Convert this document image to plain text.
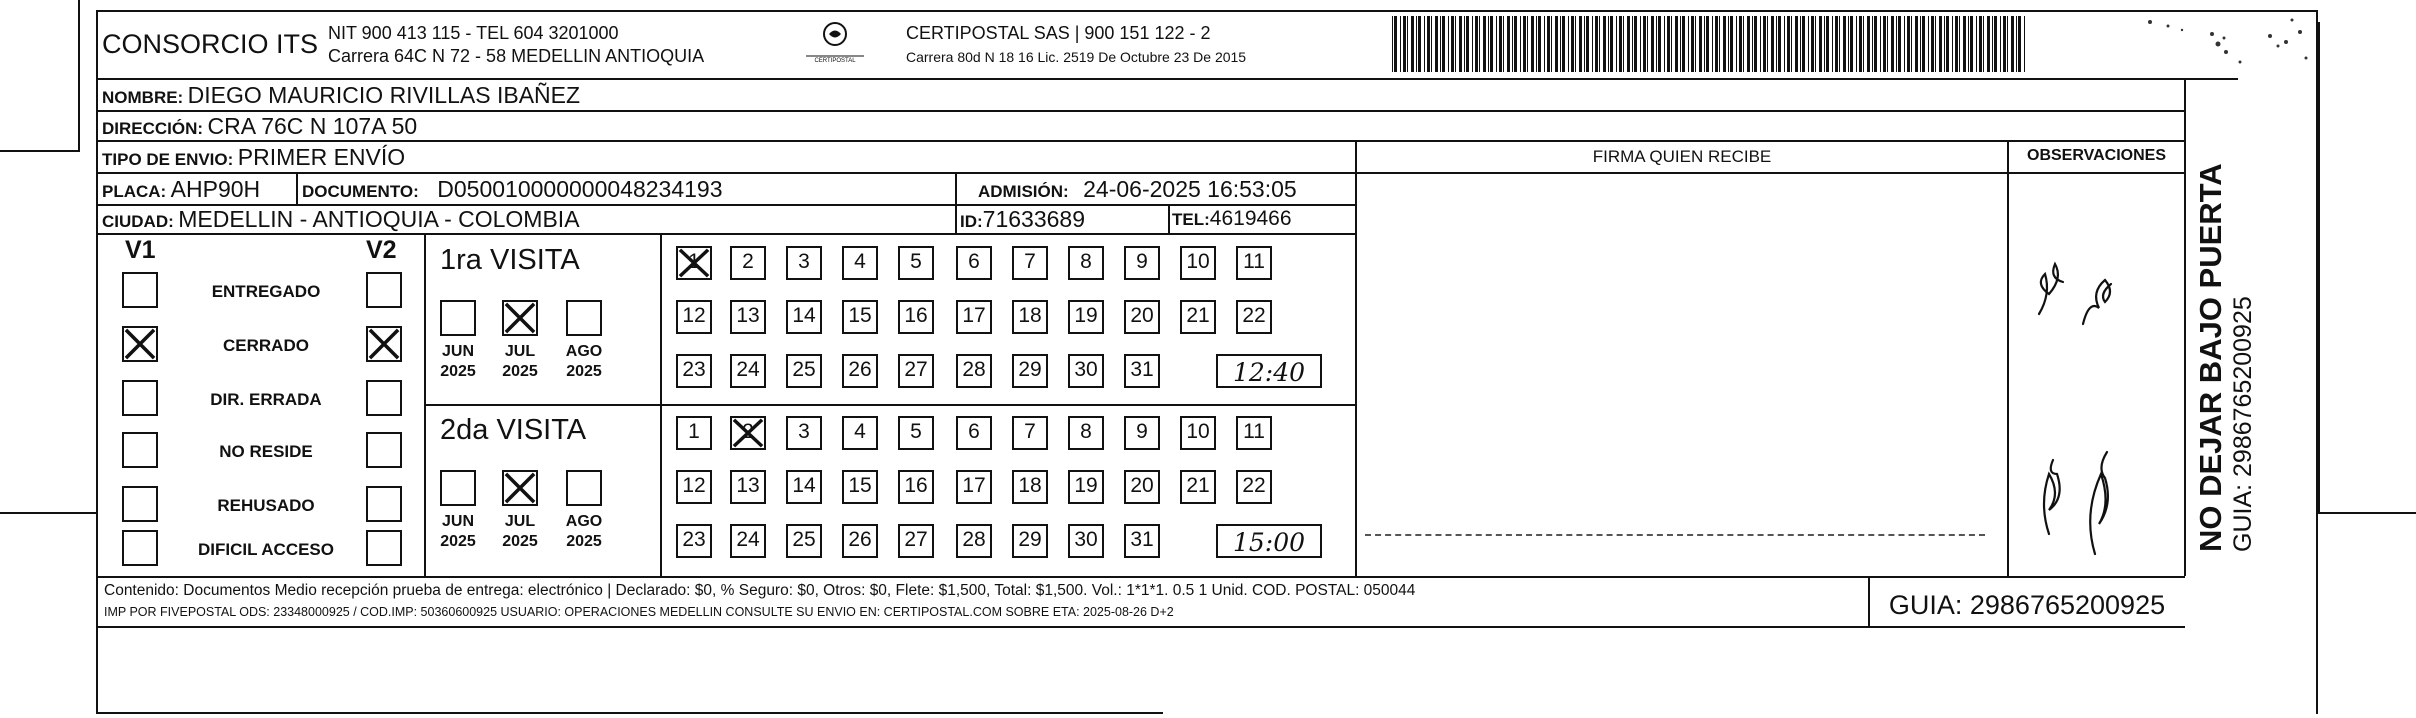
CONSORCIO ITS NIT 900 413 115 - TEL 604 3201000
Carrera 64C N 72 - 58 MEDELLIN ANTIOQUIA	CERTIPOSTAL
CERTIPOSTAL SAS | 900 151 122 - 2
Carrera 80d N 18 16 Lic. 2519 De Octubre 23 De 2015
NOMBRE: DIEGO MAURICIO RIVILLAS IBAÑEZ
DIRECCIÓN: CRA 76C N 107A 50
TIPO DE ENVIO: PRIMER ENVÍO
PLACA: AHP90H DOCUMENTO: D050010000000048234193	ADMISIÓN: 24-06-2025 16:53:05
CIUDAD: MEDELLIN - ANTIOQUIA - COLOMBIA	ID:71633689	TEL:4619466
FIRMA QUIEN RECIBE	OBSERVACIONES
NO DEJAR BAJO PUERTA GUIA: 2986765200925
V1	V2
ENTREGADO
CERRADO
DIR. ERRADA
NO RESIDE
REHUSADO
DIFICIL ACCESO
1ra VISITA
JUN
2025
JUL
2025
AGO
2025
1	2	3	4	5	6	7	8	9	10	11
12	13	14	15	16	17	18	19	20	21	22
23	24	25	26	27	28	29	30	31	12:40
2da VISITA
JUN
2025
JUL
2025
AGO
2025
1	2	3	4	5	6	7	8	9	10	11
12	13	14	15	16	17	18	19	20	21	22
23	24	25	26	27	28	29	30	31	15:00
Contenido: Documentos Medio recepción prueba de entrega: electrónico | Declarado: $0, % Seguro: $0, Otros: $0, Flete: $1,500, Total: $1,500. Vol.: 1*1*1. 0.5 1 Unid. COD. POSTAL: 050044
IMP POR FIVEPOSTAL ODS: 23348000925 / COD.IMP: 50360600925 USUARIO: OPERACIONES MEDELLIN CONSULTE SU ENVIO EN: CERTIPOSTAL.COM SOBRE ETA: 2025-08-26 D+2	GUIA: 2986765200925
